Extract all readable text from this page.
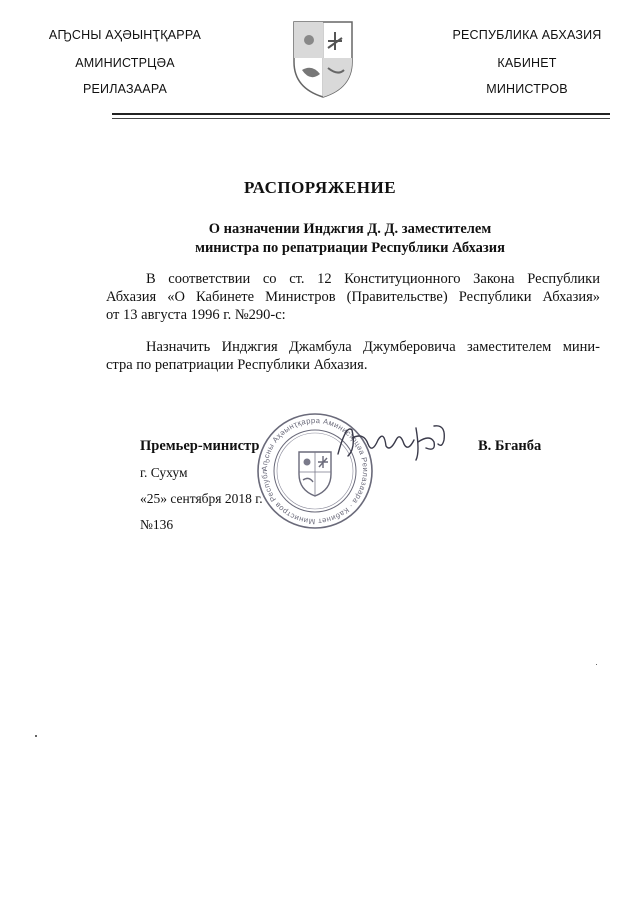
АҦСНЫ АҲӘЫНҬҚАРРА
АМИНИСТРЦӘА
РЕИЛАЗААРА
РЕСПУБЛИКА АБХАЗИЯ
КАБИНЕТ
МИНИСТРОВ
РАСПОРЯЖЕНИЕ
О назначении Инджгия Д. Д. заместителем
министра по репатриации Республики Абхазия
В соответствии со ст. 12 Конституционного Закона Республики
Абхазия «О Кабинете Министров (Правительстве) Республики Абхазия»
от 13 августа 1996 г. №290-с:
Назначить Инджгия Джамбула Джумберовича заместителем мини-
стра по репатриации Республики Абхазия.
Аҧсны Аҳәынҭқарра Аминистрцәа Реилазаара · Кабинет Министров Республ
Премьер-министр	В. Бганба
г. Сухум
«25» сентября 2018 г.
№136
